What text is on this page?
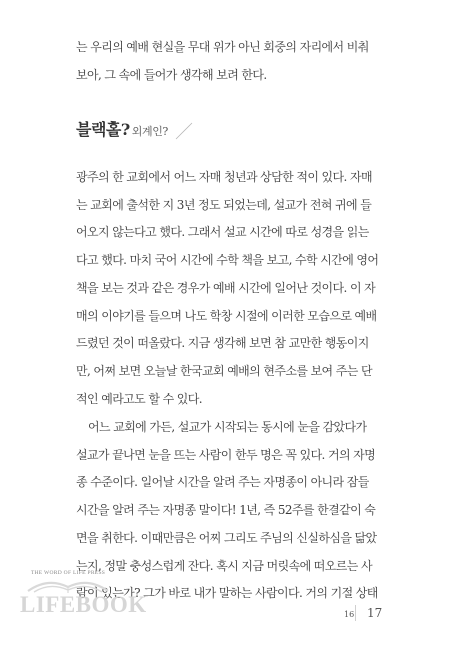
는 우리의 예배 현실을 무대 위가 아닌 회중의 자리에서 비춰
보아, 그 속에 들어가 생각해 보려 한다.
블랙홀? 외계인?
광주의 한 교회에서 어느 자매 청년과 상담한 적이 있다. 자매
는 교회에 출석한 지 3년 정도 되었는데, 설교가 전혀 귀에 들
어오지 않는다고 했다. 그래서 설교 시간에 따로 성경을 읽는
다고 했다. 마치 국어 시간에 수학 책을 보고, 수학 시간에 영어
책을 보는 것과 같은 경우가 예배 시간에 일어난 것이다. 이 자
매의 이야기를 들으며 나도 학창 시절에 이러한 모습으로 예배
드렸던 것이 떠올랐다. 지금 생각해 보면 참 교만한 행동이지
만, 어쩌 보면 오늘날 한국교회 예배의 현주소를 보여 주는 단
적인 예라고도 할 수 있다.
어느 교회에 가든, 설교가 시작되는 동시에 눈을 감았다가
설교가 끝나면 눈을 뜨는 사람이 한두 명은 꼭 있다. 거의 자명
종 수준이다. 일어날 시간을 알려 주는 자명종이 아니라 잠들
시간을 알려 주는 자명종 말이다! 1년, 즉 52주를 한결같이 숙
면을 취한다. 이때만큼은 어찌 그리도 주님의 신실하심을 닮았
는지, 정말 충성스럽게 잔다. 혹시 지금 머릿속에 떠오르는 사
람이 있는가? 그가 바로 내가 말하는 사람이다. 거의 기절 상태
THE WORD OF LIFE PRESS
LIFEBOOK	16 17
